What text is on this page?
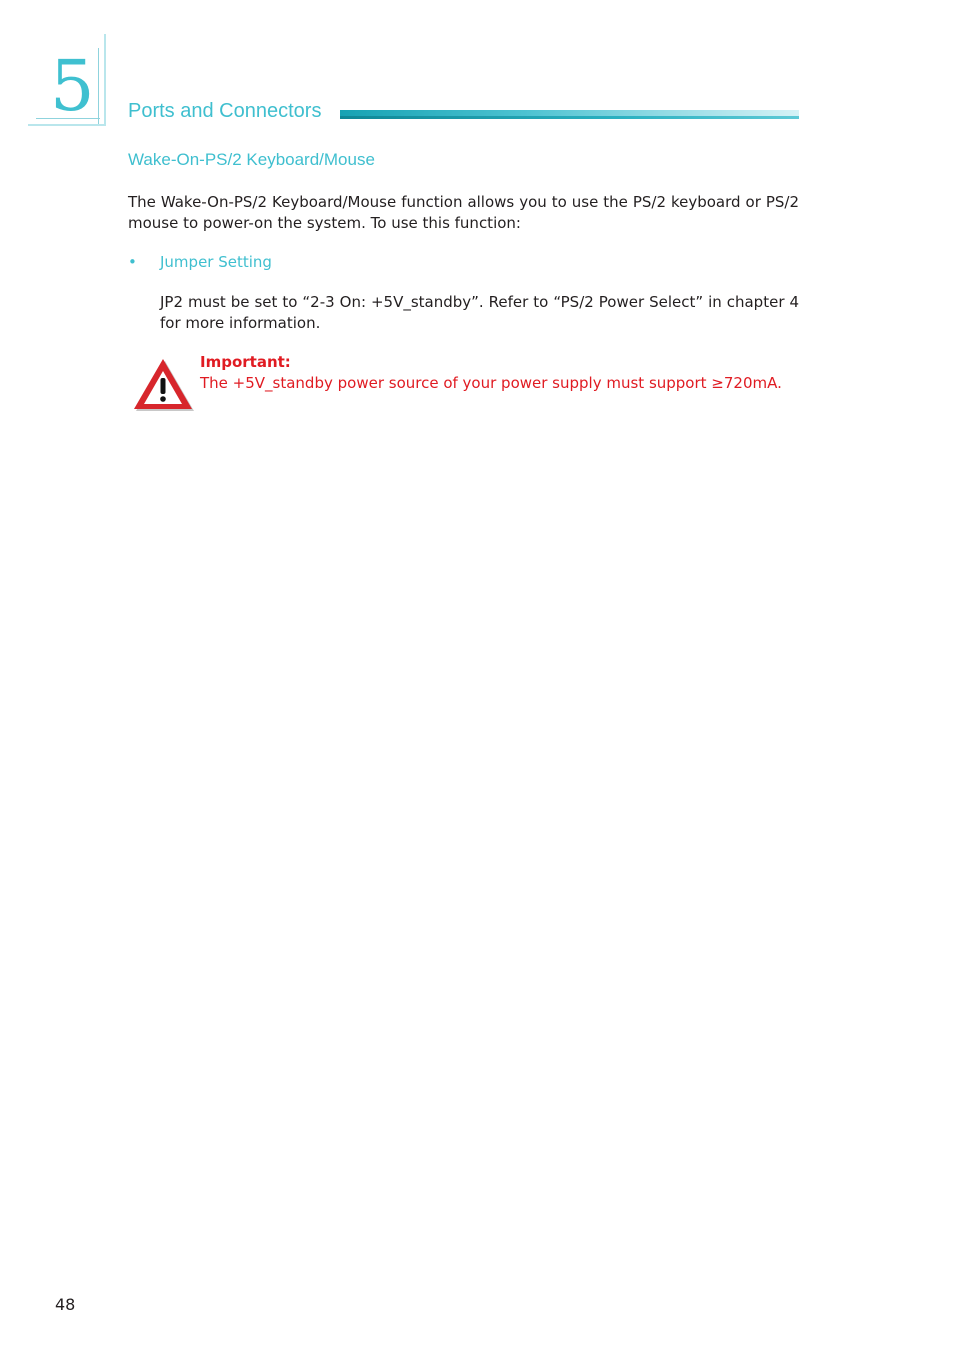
5 Ports and Connectors
Wake-On-PS/2 Keyboard/Mouse
The Wake-On-PS/2 Keyboard/Mouse function allows you to use the PS/2 keyboard or PS/2 mouse to power-on the system. To use this function:
• Jumper Setting
JP2 must be set to “2-3 On: +5V_standby”. Refer to “PS/2 Power Select” in chapter 4 for more information.
Important:
The +5V_standby power source of your power supply must support ≥720mA.
48
